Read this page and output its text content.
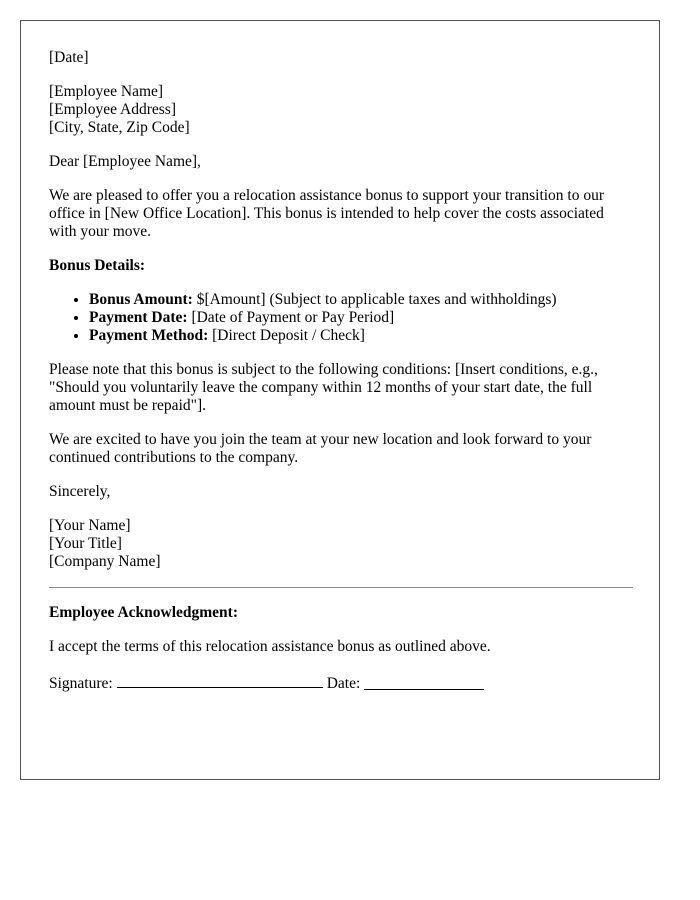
[Date]
[Employee Name]
[Employee Address]
[City, State, Zip Code]
Dear [Employee Name],
We are pleased to offer you a relocation assistance bonus to support your transition to our office in [New Office Location]. This bonus is intended to help cover the costs associated with your move.
Bonus Details:
• Bonus Amount: $[Amount] (Subject to applicable taxes and withholdings)
• Payment Date: [Date of Payment or Pay Period]
• Payment Method: [Direct Deposit / Check]
Please note that this bonus is subject to the following conditions: [Insert conditions, e.g., "Should you voluntarily leave the company within 12 months of your start date, the full amount must be repaid"].
We are excited to have you join the team at your new location and look forward to your continued contributions to the company.
Sincerely,
[Your Name]
[Your Title]
[Company Name]
Employee Acknowledgment:
I accept the terms of this relocation assistance bonus as outlined above.
Signature:	Date:
